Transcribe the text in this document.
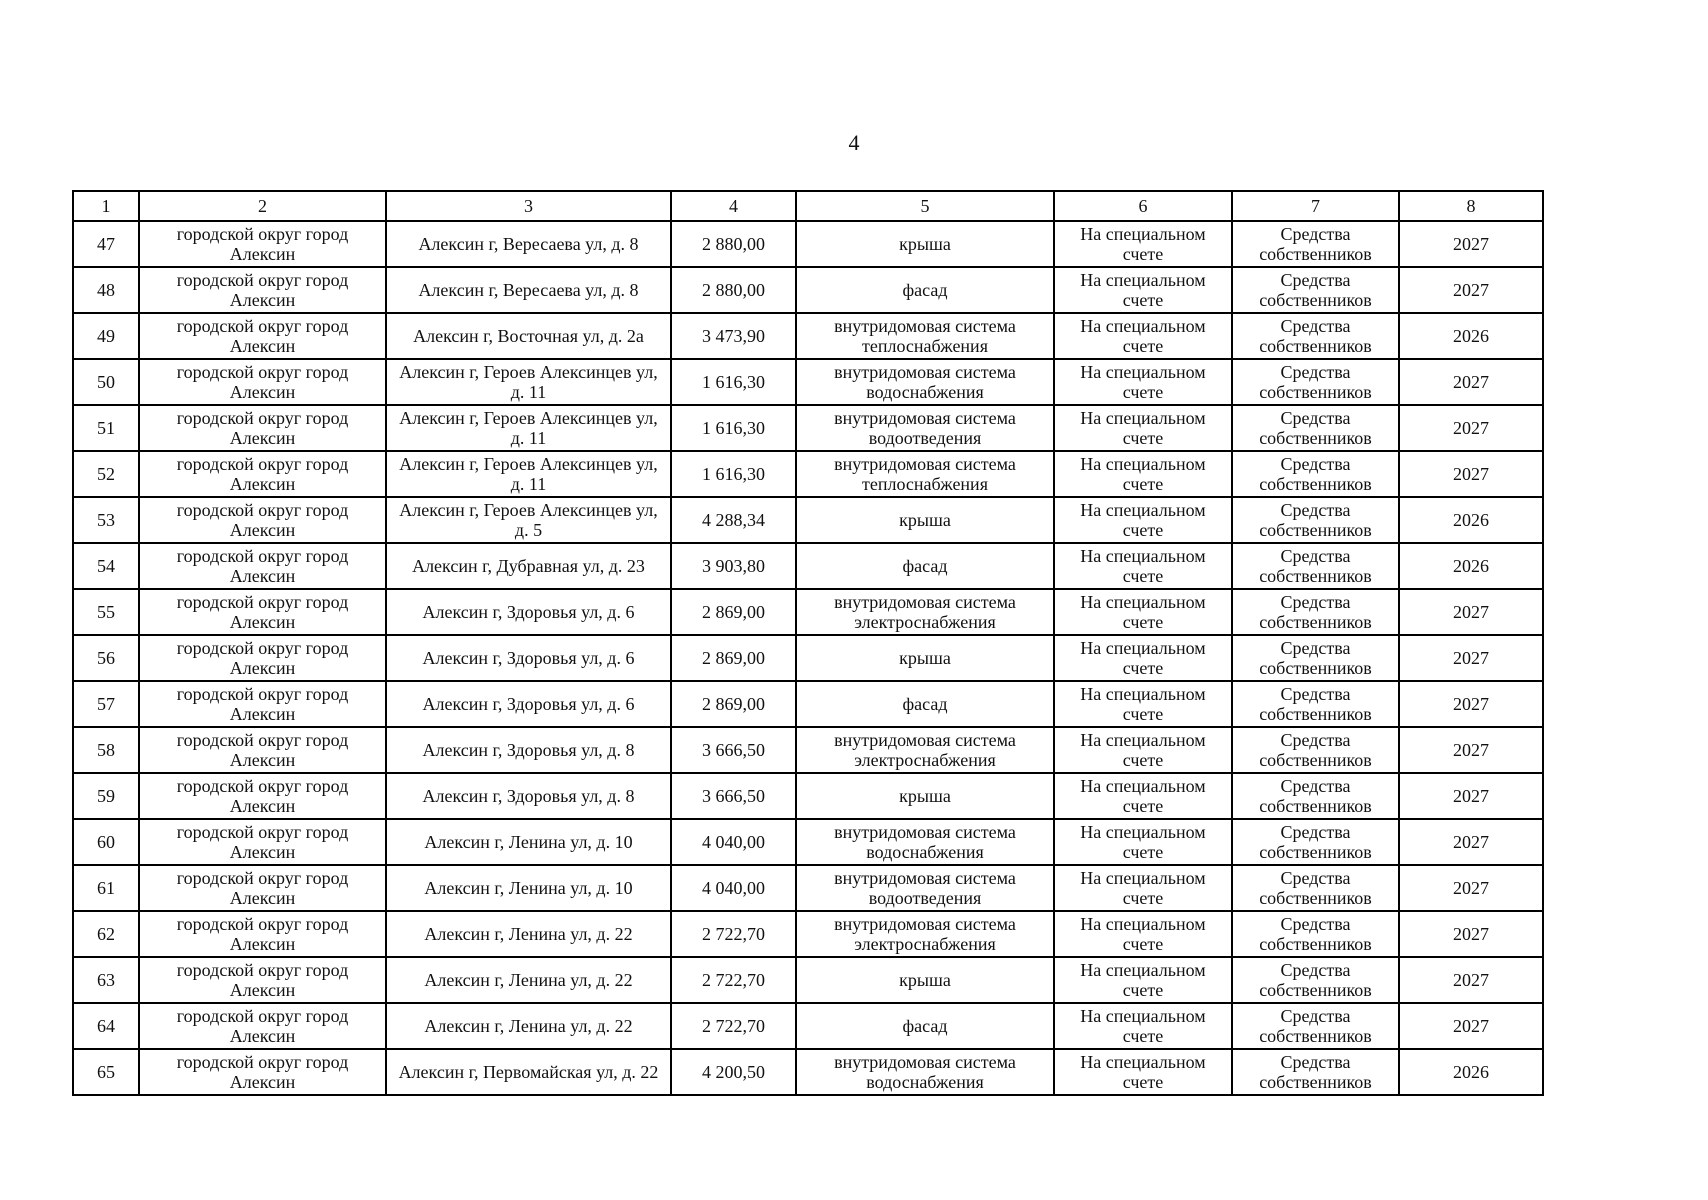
4
1	2	3	4	5	6	7	8
47	городской округ город Алексин	Алексин г, Вересаева ул, д. 8	2 880,00	крыша	На специальном счете	Средства собственников	2027
48	городской округ город Алексин	Алексин г, Вересаева ул, д. 8	2 880,00	фасад	На специальном счете	Средства собственников	2027
49	городской округ город Алексин	Алексин г, Восточная ул, д. 2а	3 473,90	внутридомовая система теплоснабжения	На специальном счете	Средства собственников	2026
50	городской округ город Алексин	Алексин г, Героев Алексинцев ул, д. 11	1 616,30	внутридомовая система водоснабжения	На специальном счете	Средства собственников	2027
51	городской округ город Алексин	Алексин г, Героев Алексинцев ул, д. 11	1 616,30	внутридомовая система водоотведения	На специальном счете	Средства собственников	2027
52	городской округ город Алексин	Алексин г, Героев Алексинцев ул, д. 11	1 616,30	внутридомовая система теплоснабжения	На специальном счете	Средства собственников	2027
53	городской округ город Алексин	Алексин г, Героев Алексинцев ул, д. 5	4 288,34	крыша	На специальном счете	Средства собственников	2026
54	городской округ город Алексин	Алексин г, Дубравная ул, д. 23	3 903,80	фасад	На специальном счете	Средства собственников	2026
55	городской округ город Алексин	Алексин г, Здоровья ул, д. 6	2 869,00	внутридомовая система электроснабжения	На специальном счете	Средства собственников	2027
56	городской округ город Алексин	Алексин г, Здоровья ул, д. 6	2 869,00	крыша	На специальном счете	Средства собственников	2027
57	городской округ город Алексин	Алексин г, Здоровья ул, д. 6	2 869,00	фасад	На специальном счете	Средства собственников	2027
58	городской округ город Алексин	Алексин г, Здоровья ул, д. 8	3 666,50	внутридомовая система электроснабжения	На специальном счете	Средства собственников	2027
59	городской округ город Алексин	Алексин г, Здоровья ул, д. 8	3 666,50	крыша	На специальном счете	Средства собственников	2027
60	городской округ город Алексин	Алексин г, Ленина ул, д. 10	4 040,00	внутридомовая система водоснабжения	На специальном счете	Средства собственников	2027
61	городской округ город Алексин	Алексин г, Ленина ул, д. 10	4 040,00	внутридомовая система водоотведения	На специальном счете	Средства собственников	2027
62	городской округ город Алексин	Алексин г, Ленина ул, д. 22	2 722,70	внутридомовая система электроснабжения	На специальном счете	Средства собственников	2027
63	городской округ город Алексин	Алексин г, Ленина ул, д. 22	2 722,70	крыша	На специальном счете	Средства собственников	2027
64	городской округ город Алексин	Алексин г, Ленина ул, д. 22	2 722,70	фасад	На специальном счете	Средства собственников	2027
65	городской округ город Алексин	Алексин г, Первомайская ул, д. 22	4 200,50	внутридомовая система водоснабжения	На специальном счете	Средства собственников	2026
